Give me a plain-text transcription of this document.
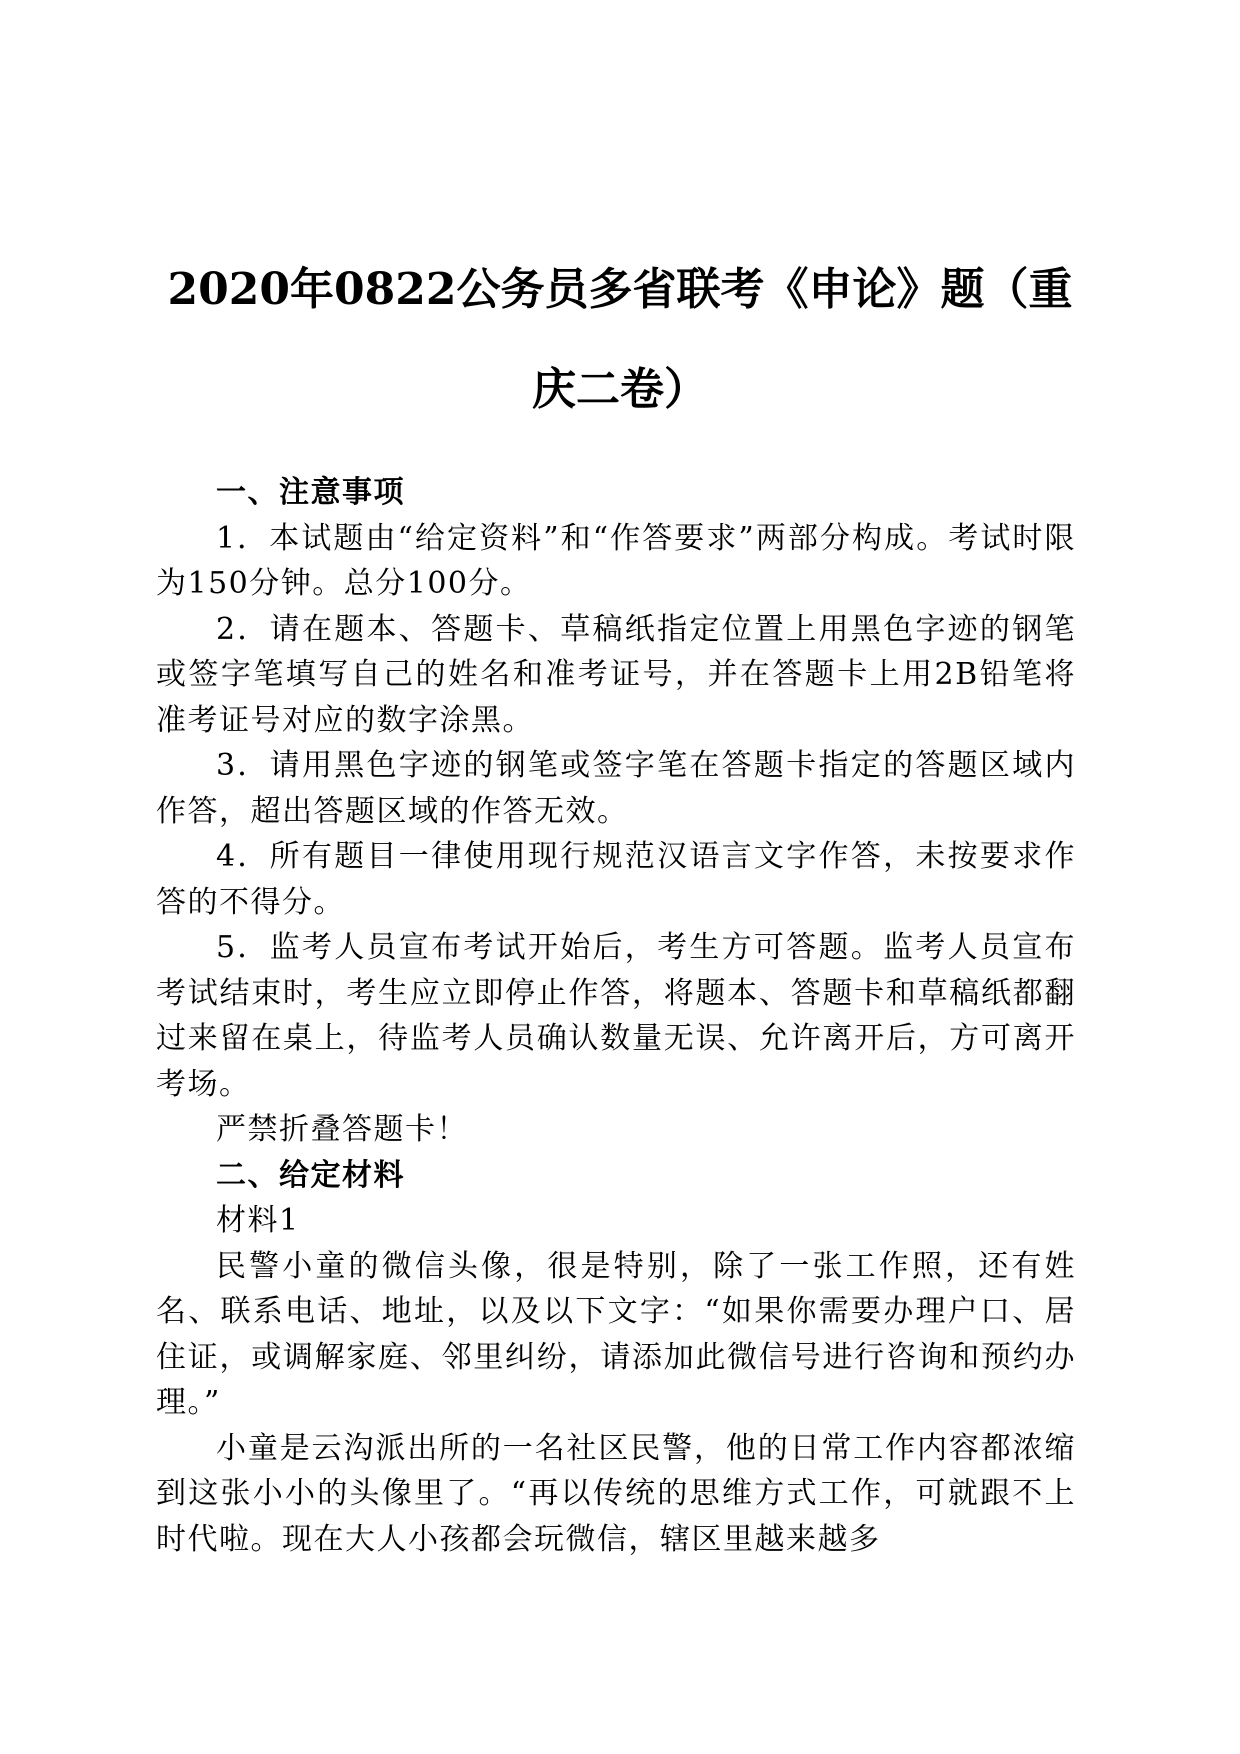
2020年0822公务员多省联考《申论》题（重
庆二卷）

一、注意事项

1．本试题由“给定资料”和“作答要求”两部分构成。考试时限为150分钟。总分100分。

2．请在题本、答题卡、草稿纸指定位置上用黑色字迹的钢笔或签字笔填写自己的姓名和准考证号，并在答题卡上用2B铅笔将准考证号对应的数字涂黑。

3．请用黑色字迹的钢笔或签字笔在答题卡指定的答题区域内作答，超出答题区域的作答无效。

4．所有题目一律使用现行规范汉语言文字作答，未按要求作答的不得分。

5．监考人员宣布考试开始后，考生方可答题。监考人员宣布考试结束时，考生应立即停止作答，将题本、答题卡和草稿纸都翻过来留在桌上，待监考人员确认数量无误、允许离开后，方可离开考场。

严禁折叠答题卡！

二、给定材料

材料1

民警小童的微信头像，很是特别，除了一张工作照，还有姓名、联系电话、地址，以及以下文字：“如果你需要办理户口、居住证，或调解家庭、邻里纠纷，请添加此微信号进行咨询和预约办理。”

小童是云沟派出所的一名社区民警，他的日常工作内容都浓缩到这张小小的头像里了。“再以传统的思维方式工作，可就跟不上时代啦。现在大人小孩都会玩微信，辖区里越来越多
